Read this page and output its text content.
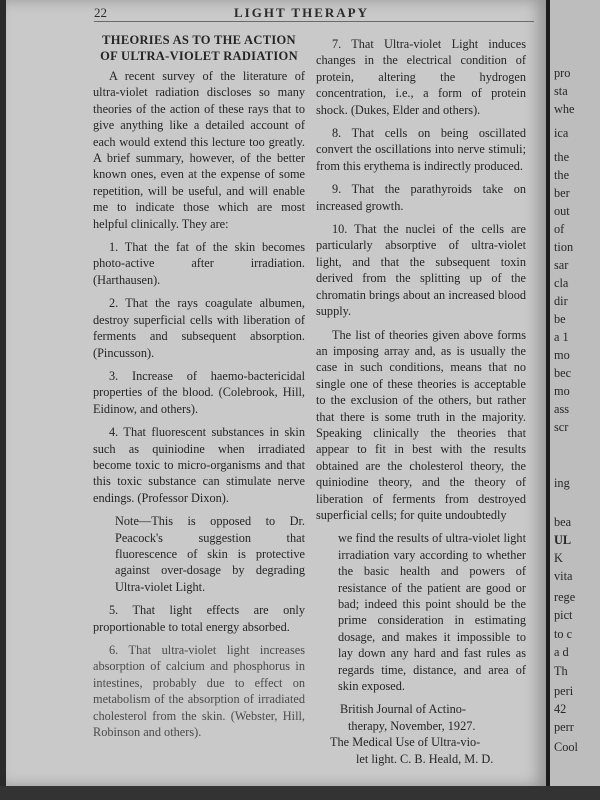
22	LIGHT THERAPY
THEORIES AS TO THE ACTION
OF ULTRA-VIOLET RADIATION

A recent survey of the literature of ultra-violet radiation discloses so many theories of the action of these rays that to give anything like a detailed account of each would extend this lecture too greatly. A brief summary, however, of the better known ones, even at the expense of some repetition, will be useful, and will enable me to indicate those which are most helpful clinically. They are:

1. That the fat of the skin becomes photo-active after irradiation. (Harthausen).

2. That the rays coagulate albumen, destroy superficial cells with liberation of ferments and subsequent absorption. (Pincusson).

3. Increase of haemo-bactericidal properties of the blood. (Colebrook, Hill, Eidinow, and others).

4. That fluorescent substances in skin such as quiniodine when irradiated become toxic to micro-organisms and that this toxic substance can stimulate nerve endings. (Professor Dixon).

Note—This is opposed to Dr. Peacock's suggestion that fluorescence of skin is protective against over-dosage by degrading Ultra-violet Light.

5. That light effects are only proportionable to total energy absorbed.

6. That ultra-violet light increases absorption of calcium and phosphorus in intestines, probably due to effect on metabolism of the absorption of irradiated cholesterol from the skin. (Webster, Hill, Robinson and others).

7. That Ultra-violet Light induces changes in the electrical condition of protein, altering the hydrogen concentration, i.e., a form of protein shock. (Dukes, Elder and others).

8. That cells on being oscillated convert the oscillations into nerve stimuli; from this erythema is indirectly produced.

9. That the parathyroids take on increased growth.

10. That the nuclei of the cells are particularly absorptive of ultra-violet light, and that the subsequent toxin derived from the splitting up of the chromatin brings about an increased blood supply.

The list of theories given above forms an imposing array and, as is usually the case in such conditions, means that no single one of these theories is acceptable to the exclusion of the others, but rather that there is some truth in the majority. Speaking clinically the theories that appear to fit in best with the results obtained are the cholesterol theory, the quiniodine theory, and the theory of liberation of ferments from destroyed superficial cells; for quite undoubtedly

we find the results of ultra-violet light irradiation vary according to whether the basic health and powers of resistance of the patient are good or bad; indeed this point should be the prime consideration in estimating dosage, and makes it impossible to lay down any hard and fast rules as regards time, distance, and area of skin exposed.

British Journal of Actino-
therapy, November, 1927.
The Medical Use of Ultra-vio-
let light. C. B. Heald, M. D.
pro
sta
whe
ica
the
the
ber
out
of
tion
sar
cla
dir
be
a 1
mo
bec
mo
ass
scr
ing
bea
UL
K
vita
rege
pict
to c
a d
Th
peri
42
perr
Cool
